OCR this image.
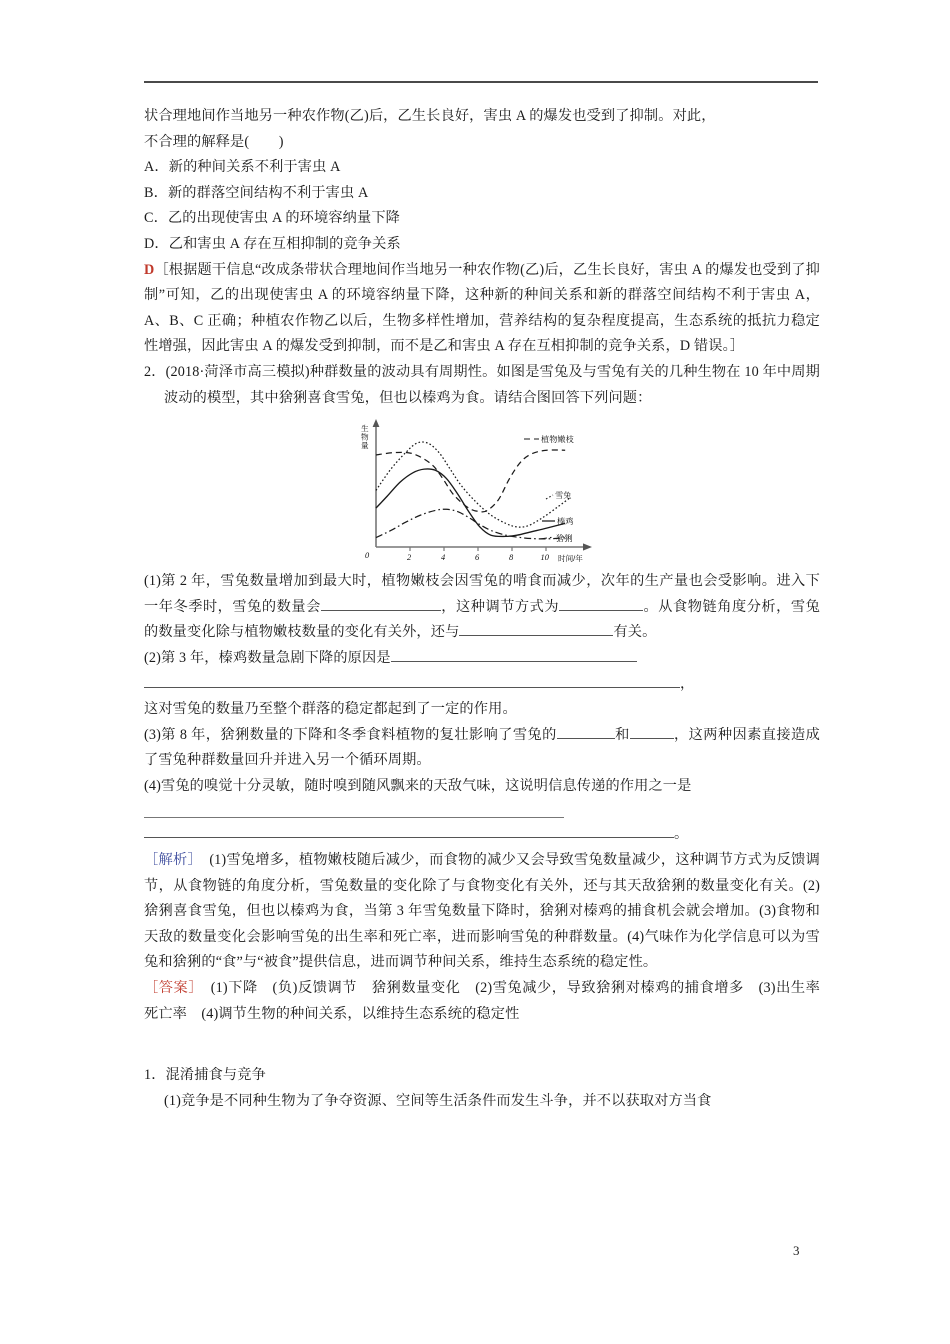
状合理地间作当地另一种农作物(乙)后，乙生长良好，害虫 A 的爆发也受到了抑制。对此，
不合理的解释是(        )
A．新的种间关系不利于害虫 A
B．新的群落空间结构不利于害虫 A
C．乙的出现使害虫 A 的环境容纳量下降
D．乙和害虫 A 存在互相抑制的竞争关系
D［根据题干信息“改成条带状合理地间作当地另一种农作物(乙)后，乙生长良好，害虫 A 的爆发也受到了抑制”可知，乙的出现使害虫 A 的环境容纳量下降，这种新的种间关系和新的群落空间结构不利于害虫 A，A、B、C 正确；种植农作物乙以后，生物多样性增加，营养结构的复杂程度提高，生态系统的抵抗力稳定性增强，因此害虫 A 的爆发受到抑制，而不是乙和害虫 A 存在互相抑制的竞争关系，D 错误。］
2．(2018·菏泽市高三模拟)种群数量的波动具有周期性。如图是雪兔及与雪兔有关的几种生物在 10 年中周期波动的模型，其中猞猁喜食雪兔，但也以榛鸡为食。请结合图回答下列问题：
生
物
量
0	2	4	6	8	10 时间/年
植物嫩枝
雪兔
榛鸡
猞猁
(1)第 2 年，雪兔数量增加到最大时，植物嫩枝会因雪兔的啃食而减少，次年的生产量也会受影响。进入下一年冬季时，雪兔的数量会	，这种调节方式为	。从食物链角度分析，雪兔的数量变化除与植物嫩枝数量的变化有关外，还与	有关。
(2)第 3 年，榛鸡数量急剧下降的原因是
，
这对雪兔的数量乃至整个群落的稳定都起到了一定的作用。
(3)第 8 年，猞猁数量的下降和冬季食料植物的复壮影响了雪兔的	和	，这两种因素直接造成了雪兔种群数量回升并进入另一个循环周期。
(4)雪兔的嗅觉十分灵敏，随时嗅到随风飘来的天敌气味，这说明信息传递的作用之一是
。
［解析］　 (1)雪兔增多，植物嫩枝随后减少，而食物的减少又会导致雪兔数量减少，这种调节方式为反馈调节，从食物链的角度分析，雪兔数量的变化除了与食物变化有关外，还与其天敌猞猁的数量变化有关。(2)猞猁喜食雪兔，但也以榛鸡为食，当第 3 年雪兔数量下降时，猞猁对榛鸡的捕食机会就会增加。(3)食物和天敌的数量变化会影响雪兔的出生率和死亡率，进而影响雪兔的种群数量。(4)气味作为化学信息可以为雪兔和猞猁的“食”与“被食”提供信息，进而调节种间关系，维持生态系统的稳定性。
［答案］　 (1)下降　(负)反馈调节　猞猁数量变化　(2)雪兔减少，导致猞猁对榛鸡的捕食增多　(3)出生率　死亡率　(4)调节生物的种间关系，以维持生态系统的稳定性
1．混淆捕食与竞争
(1)竞争是不同种生物为了争夺资源、空间等生活条件而发生斗争，并不以获取对方当食
3
